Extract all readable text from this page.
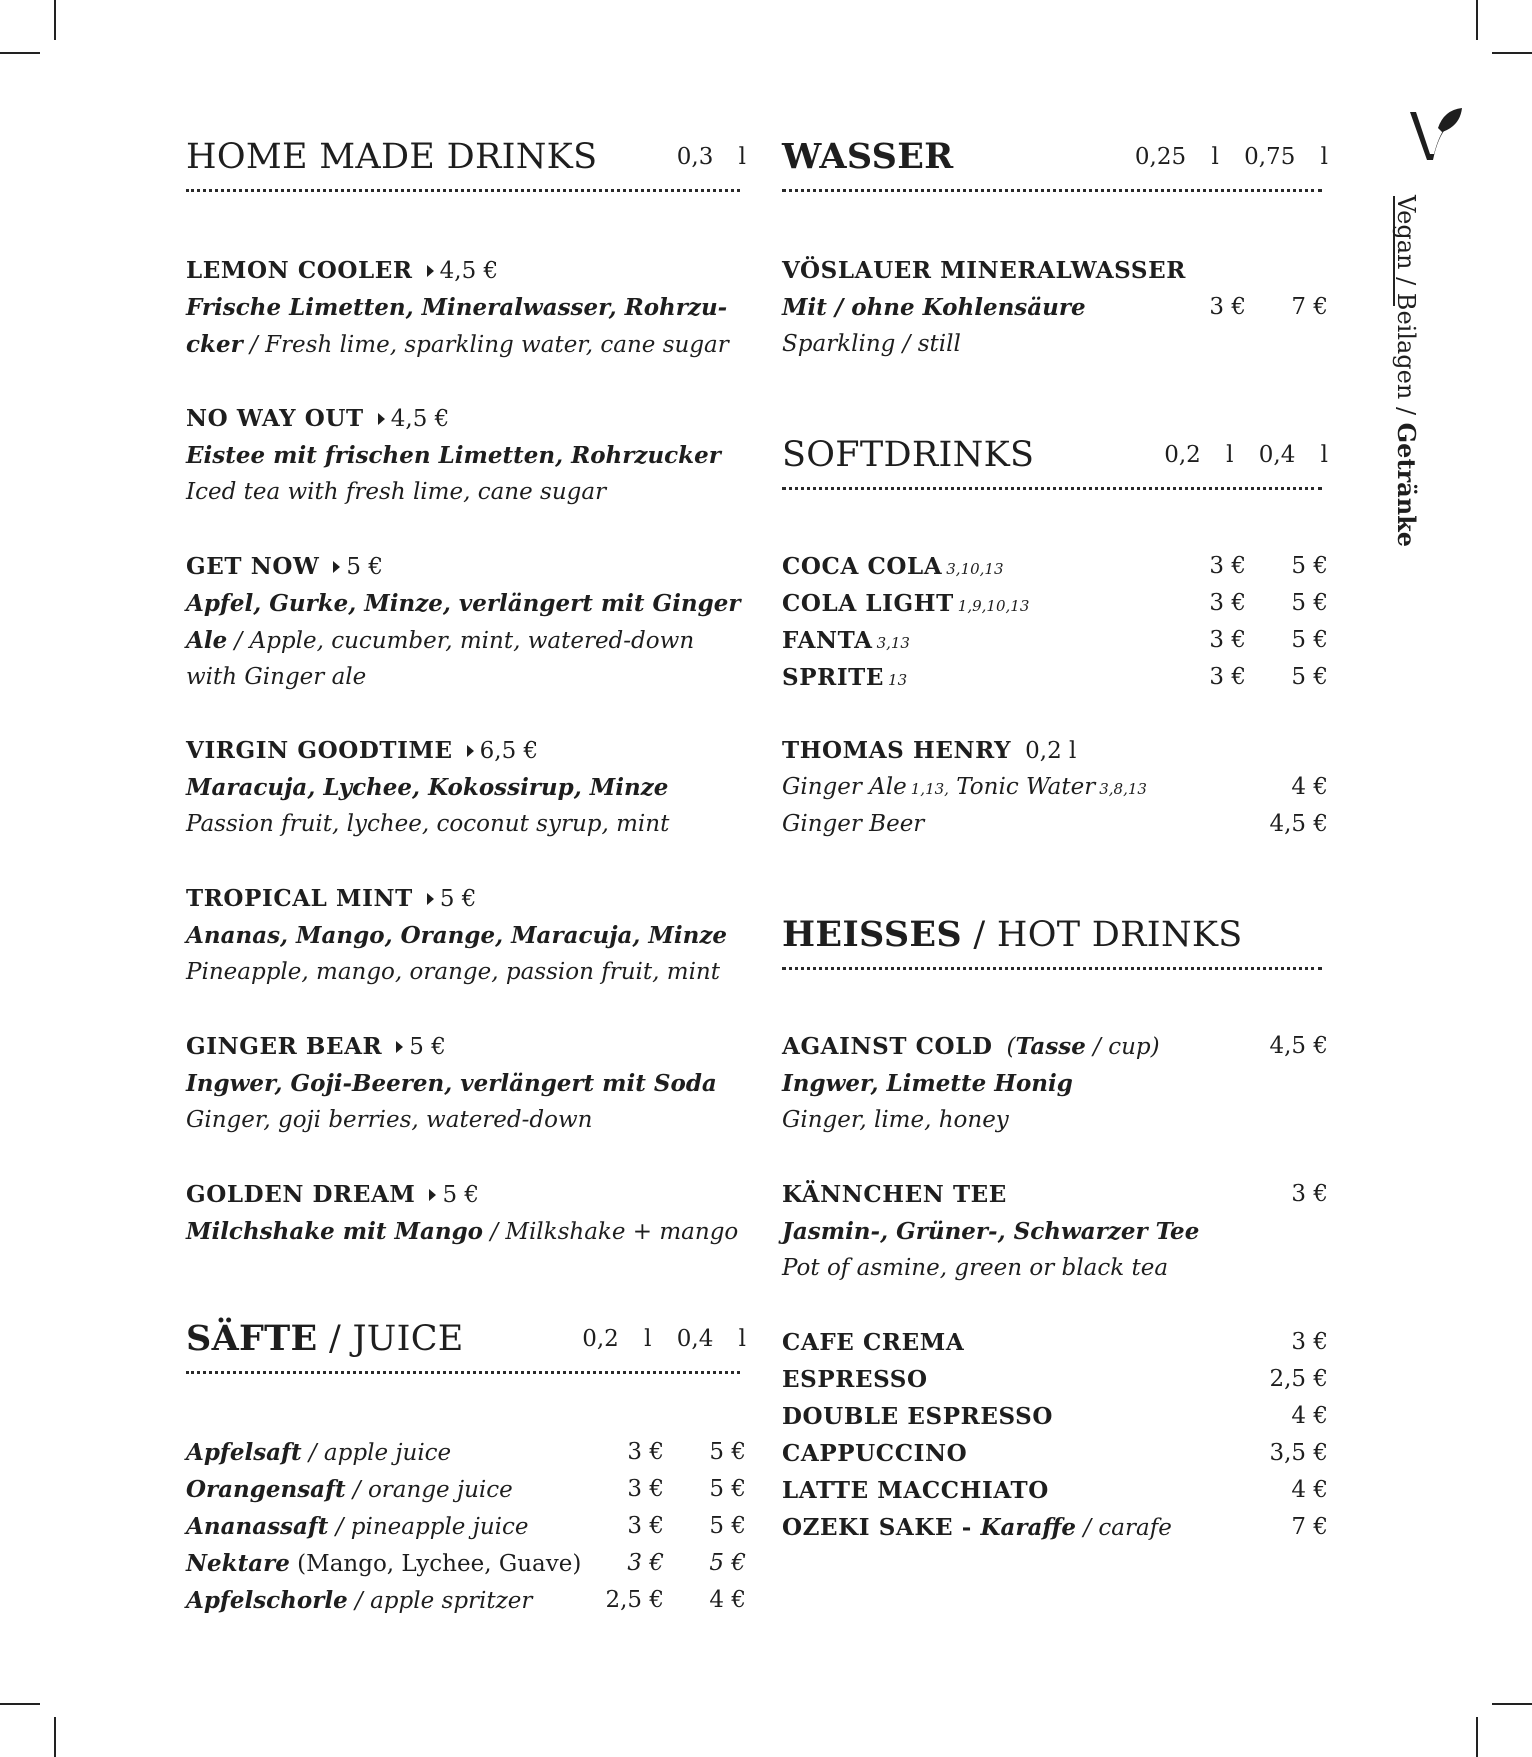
Vegan / Beilagen / Getränke
HOME MADE DRINKS	0,3 l
LEMON COOLER 4,5 €
Frische Limetten, Mineralwasser, Rohrzu-
cker / Fresh lime, sparkling water, cane sugar
NO WAY OUT 4,5 €
Eistee mit frischen Limetten, Rohrzucker
Iced tea with fresh lime, cane sugar
GET NOW 5 €
Apfel, Gurke, Minze, verlängert mit Ginger
Ale / Apple, cucumber, mint, watered-down
with Ginger ale
VIRGIN GOODTIME 6,5 €
Maracuja, Lychee, Kokossirup, Minze
Passion fruit, lychee, coconut syrup, mint
TROPICAL MINT 5 €
Ananas, Mango, Orange, Maracuja, Minze
Pineapple, mango, orange, passion fruit, mint
GINGER BEAR 5 €
Ingwer, Goji-Beeren, verlängert mit Soda
Ginger, goji berries, watered-down
GOLDEN DREAM 5 €
Milchshake mit Mango / Milkshake + mango
SÄFTE / JUICE	0,2 l 0,4 l
Apfelsaft / apple juice	3 €	5 €
Orangensaft / orange juice	3 €	5 €
Ananassaft / pineapple juice	3 €	5 €
Nektare (Mango, Lychee, Guave)	3 €	5 €
Apfelschorle / apple spritzer	2,5 €	4 €
WASSER	0,25 l 0,75 l
VÖSLAUER MINERALWASSER
Mit / ohne Kohlensäure	3 €	7 €
Sparkling / still
SOFTDRINKS	0,2 l 0,4 l
COCA COLA 3,10,13	3 €	5 €
COLA LIGHT 1,9,10,13	3 €	5 €
FANTA 3,13	3 €	5 €
SPRITE 13	3 €	5 €
THOMAS HENRY 0,2 l
Ginger Ale 1,13, Tonic Water 3,8,13	4 €
Ginger Beer	4,5 €
HEISSES / HOT DRINKS
AGAINST COLD (Tasse / cup)	4,5 €
Ingwer, Limette Honig
Ginger, lime, honey
KÄNNCHEN TEE	3 €
Jasmin-, Grüner-, Schwarzer Tee
Pot of asmine, green or black tea
CAFE CREMA	3 €
ESPRESSO	2,5 €
DOUBLE ESPRESSO	4 €
CAPPUCCINO	3,5 €
LATTE MACCHIATO	4 €
OZEKI SAKE - Karaffe / carafe	7 €
